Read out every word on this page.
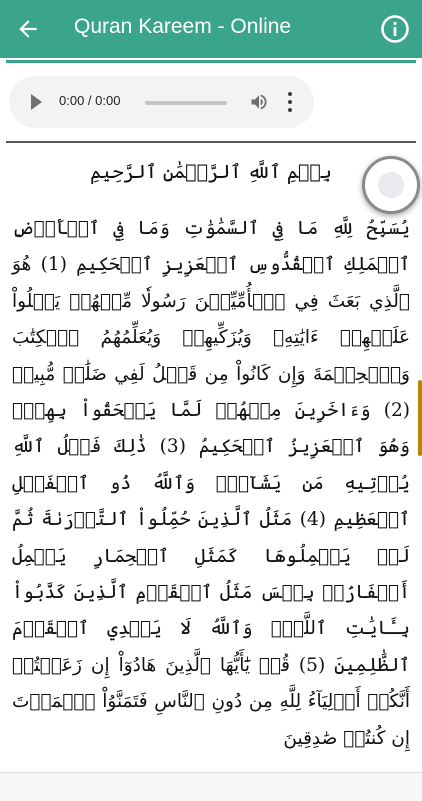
Quran Kareem - Online
0:00 / 0:00
بِسۡمِ ٱللَّهِ ٱلرَّحۡمَٰنِ ٱلرَّحِيمِ
يُسَبِّحُ لِلَّهِ مَا فِي ٱلسَّمَٰوَٰتِ وَمَا فِي ٱلۡأَرۡضِ ٱلۡمَلِكِ ٱلۡقُدُّوسِ ٱلۡعَزِيزِ ٱلۡحَكِيمِ (1) هُوَ ٱلَّذِي بَعَثَ فِي ٱلۡأُمِّيِّـۧنَ رَسُولٗا مِّنۡهُمۡ يَتۡلُواْ عَلَيۡهِمۡ ءَايَٰتِهِۦ وَيُزَكِّيهِمۡ وَيُعَلِّمُهُمُ ٱلۡكِتَٰبَ وَٱلۡحِكۡمَةَ وَإِن كَانُواْ مِن قَبۡلُ لَفِي ضَلَٰلٖ مُّبِينٖ (2) وَءَاخَرِينَ مِنۡهُمۡ لَمَّا يَلۡحَقُواْ بِهِمۡۚ وَهُوَ ٱلۡعَزِيزُ ٱلۡحَكِيمُ (3) ذَٰلِكَ فَضۡلُ ٱللَّهِ يُؤۡتِيهِ مَن يَشَآءُۚ وَٱللَّهُ ذُو ٱلۡفَضۡلِ ٱلۡعَظِيمِ (4) مَثَلُ ٱلَّذِينَ حُمِّلُواْ ٱلتَّوۡرَىٰةَ ثُمَّ لَمۡ يَحۡمِلُوهَا كَمَثَلِ ٱلۡحِمَارِ يَحۡمِلُ أَسۡفَارَۢاۚ بِئۡسَ مَثَلُ ٱلۡقَوۡمِ ٱلَّذِينَ كَذَّبُواْ بِـَٔايَٰتِ ٱللَّهِۚ وَٱللَّهُ لَا يَهۡدِي ٱلۡقَوۡمَ ٱلظَّٰلِمِينَ (5) قُلۡ يَٰٓأَيُّهَا ٱلَّذِينَ هَادُوٓاْ إِن زَعَمۡتُمۡ أَنَّكُمۡ أَوۡلِيَآءُ لِلَّهِ مِن دُونِ ٱلنَّاسِ فَتَمَنَّوُاْ ٱلۡمَوۡتَ إِن كُنتُمۡ صَٰدِقِينَ
